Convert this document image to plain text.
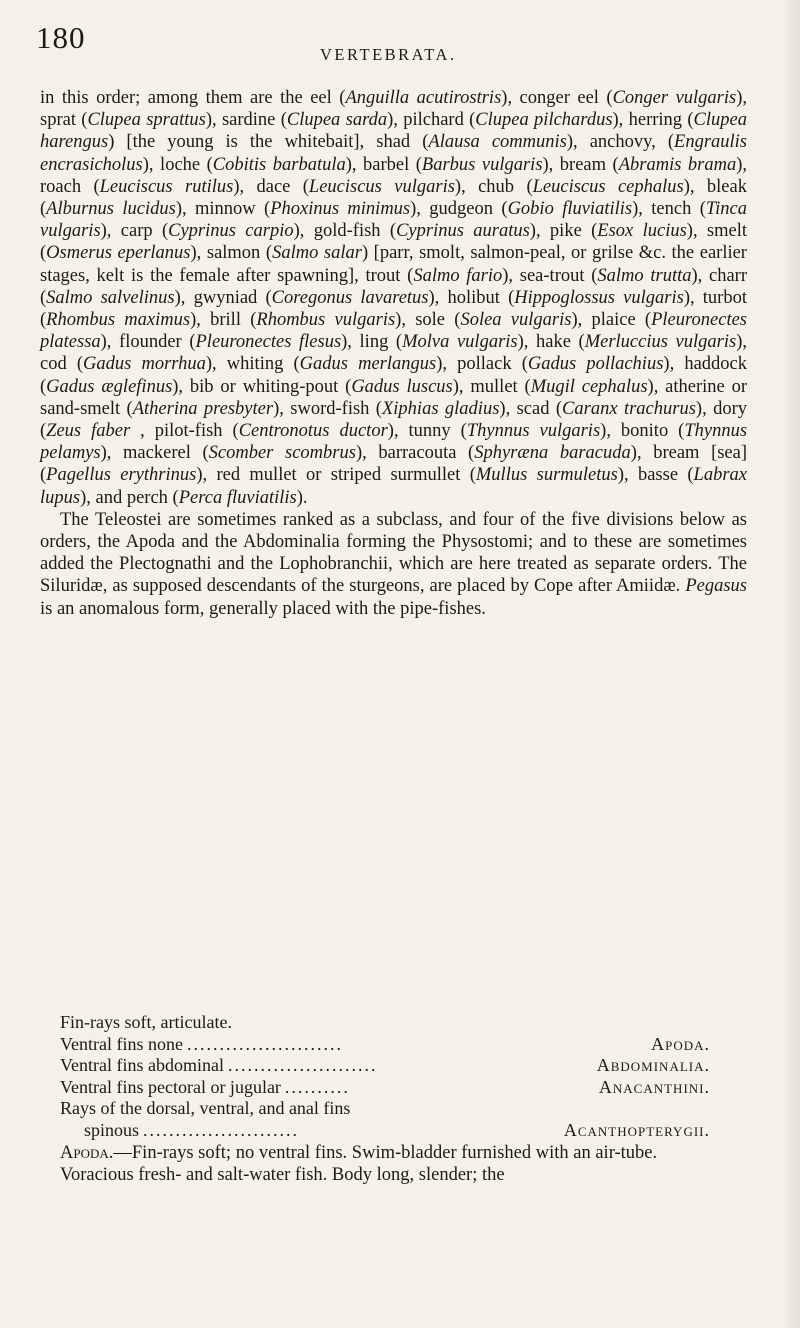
180	VERTEBRATA.

in this order; among them are the eel (Anguilla acutirostris), conger eel (Conger vulgaris), sprat (Clupea sprattus), sardine (Clupea sarda), pilchard (Clupea pilchardus), herring (Clupea harengus) [the young is the whitebait], shad (Alausa communis), anchovy, (Engraulis encrasicholus), loche (Cobitis barbatula), barbel (Barbus vulgaris), bream (Abramis brama), roach (Leuciscus rutilus), dace (Leuciscus vulgaris), chub (Leuciscus cephalus), bleak (Alburnus lucidus), minnow (Phoxinus minimus), gudgeon (Gobio fluviatilis), tench (Tinca vulgaris), carp (Cyprinus carpio), gold-fish (Cyprinus auratus), pike (Esox lucius), smelt (Osmerus eperlanus), salmon (Salmo salar) [parr, smolt, salmon-peal, or grilse &c. the earlier stages, kelt is the female after spawning], trout (Salmo fario), sea-trout (Salmo trutta), charr (Salmo salvelinus), gwyniad (Coregonus lavaretus), holibut (Hippoglossus vulgaris), turbot (Rhombus maximus), brill (Rhombus vulgaris), sole (Solea vulgaris), plaice (Pleuronectes platessa), flounder (Pleuronectes flesus), ling (Molva vulgaris), hake (Merluccius vulgaris), cod (Gadus morrhua), whiting (Gadus merlangus), pollack (Gadus pollachius), haddock (Gadus æglefinus), bib or whiting-pout (Gadus luscus), mullet (Mugil cephalus), atherine or sand-smelt (Atherina presbyter), sword-fish (Xiphias gladius), scad (Caranx trachurus), dory (Zeus faber , pilot-fish (Centronotus ductor), tunny (Thynnus vulgaris), bonito (Thynnus pelamys), mackerel (Scomber scombrus), barracouta (Sphyræna baracuda), bream [sea] (Pagellus erythrinus), red mullet or striped surmullet (Mullus surmuletus), basse (Labrax lupus), and perch (Perca fluviatilis).

The Teleostei are sometimes ranked as a subclass, and four of the five divisions below as orders, the Apoda and the Abdominalia forming the Physostomi; and to these are sometimes added the Plectognathi and the Lophobranchii, which are here treated as separate orders. The Siluridæ, as supposed descendants of the sturgeons, are placed by Cope after Amiidæ. Pegasus is an anomalous form, generally placed with the pipe-fishes.

Fin-rays soft, articulate.
Ventral fins none ........................	Apoda.
Ventral fins abdominal .......................	Abdominalia.
Ventral fins pectoral or jugular ..........	Anacanthini.
Rays of the dorsal, ventral, and anal fins
spinous ........................	Acanthopterygii.

Apoda.—Fin-rays soft; no ventral fins. Swim-bladder furnished with an air-tube.

Voracious fresh- and salt-water fish. Body long, slender; the
